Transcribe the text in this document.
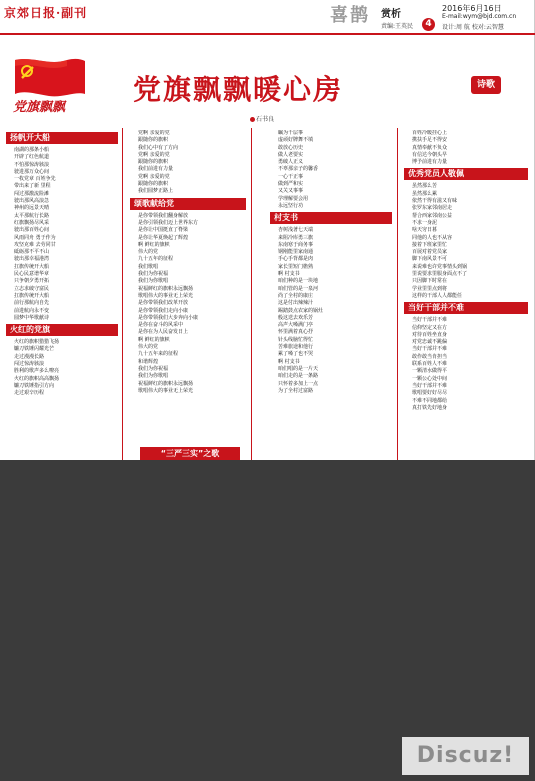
京郊日报·副刊	喜鹊 赏析
责编:王英民	4
2016年6月16日
E-mail:wym@bjd.com.cn
设计:周 航 校对:云智慧
党旗飘飘
党旗飘飘暖心房	诗歌
石书良
扬帆开大船
南湖的那条小船
开辟了红色航道
不怕那惊涛骇浪
驶进那万众心间
一枚党章 百姓争先
带出来了新 里程
闯过那激流险滩
驶出那风高浪急
神州的远景天晴
太平那航行长路
红旗飘扬尽风采
驶出那百姓心间
风雨同舟 勇于作为
攻坚克难 去劳同甘
砥砺那不平不山
驶出那幸福港湾
扛旗传统开大船
民心民意谱华章
只争朝夕勇开拓
立志求破守富民
扛旗传统开大船
前行那航向自先
前进航向永不变
圆梦中华歌献诗
火红的党旗
火红的旗帜猎猎飞扬
镰刀铁锤闪耀光芒
走过漫漫长路
闯过惊涛骇浪
胜利的歌声多么嘹亮
火红的旗帜高高飘扬
镰刀铁锤指引方向
走过艰辛历程
党啊 亲爱的党
跟随你的旗帜
我们心中有了方向
党啊 亲爱的党
跟随你的旗帜
我们前进有力量
党啊 亲爱的党
跟随你的旗帜
我们圆梦正路上
颂歌献给党
是你带领我们翻身解放
是你引领我们迈上世界东方
是你让中国挺直了脊梁
是你让华夏焕起了辉煌
啊 鲜红的旗帜
伟大的党
九十五年的征程
我们歌唱
我们为你祝福
我们为你歌唱
祝福鲜红的旗帜永远飘扬
歌唱伟大的事业无上荣光
是你带领我们改革开放
是你带领我们走向小康
是你带领我们大步奔向小康
是你在奋斗的风采中
是你在为人民奋发日上
啊 鲜红的旗帜
伟大的党
九十五年来的征程
和谐辉煌
我们为你祝福
我们为你歌唱
祝福鲜红的旗帜永远飘扬
歌唱伟大的事业无上荣光
瞩为千层事
虚顽好牌舞不填
敢放心历史
做人老要实
勇破人正义
不辜那亲子的馨香
一心干正事
做到严和实
又关又事事
学理解要会用
永远坚行功
村支书
杏树浅著七天端
来阻冷库勇三旗
东南寒于商务事
钢刚能里家南通
手心手背都是肉
家长里短门檐熟
啊 村支书
咱们种的是一块地
咱们管的是一泉河
尚了全村的康庄
这是付出辣辣汁
踢踏鼓点农家的锅灶
般这送去欢乐芳
高声大嗓满门亭
怀里满着真心抒
针头线脑忙得忙
苦难旅途和他行
累了嗓了也不哭
啊 村支书
咱们唱的是一片天
咱们走的是一条路
只怀着多加上一点
为了全村过富路
百姓冷暖挂心上
携扶手足不得安
真情奉献不负众
有信达今朝头早
博予前进有力量
优秀党员人敬佩
虽然那么苦
虽然那么累
依然干得有滋又有味
张罗东家邻南居走
帮合西家邻南公益
不求一身泥
啥天穷日暮
同他的人也不从容
接着下班家里忙
百展对着党员家
脚下南风景不可
来说难也许党事情头到锅
里说要求里服身面点不了
只因脚下时常在
学业里里点到将
这样的干部人人都能任
当好干部并不难
当好干部并不难
信仰坚定又在方
对待百姓坐直身
对党忠诚不跳偏
当好干部并不难
敢作敢当肯担当
联系百姓人不难
一颗清水做得平
一颗公心处中间
当好干部并不难
歌唱要好好尽尽
不难不同地都给
真打铁先好地身
“三严三实”之歌
Discuz!
